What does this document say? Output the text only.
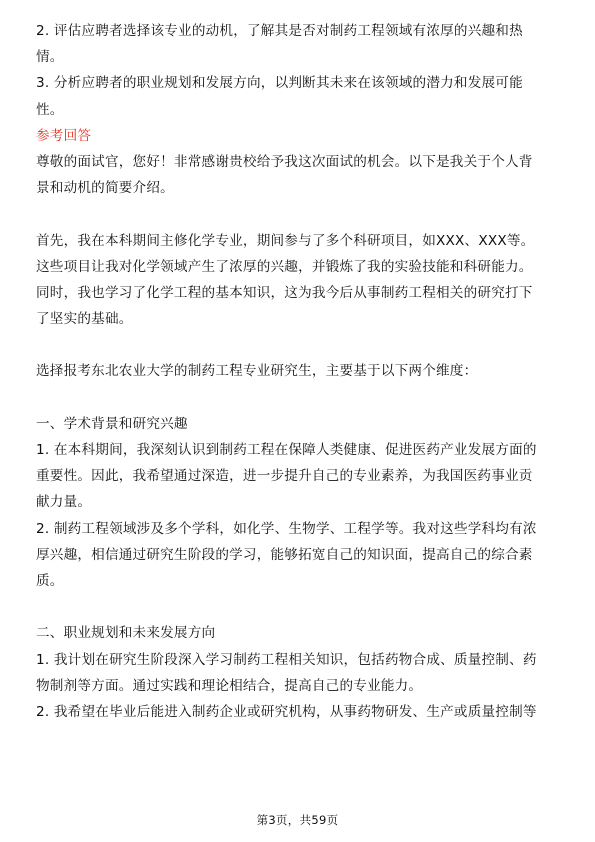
2. 评估应聘者选择该专业的动机，了解其是否对制药工程领域有浓厚的兴趣和热
情。
3. 分析应聘者的职业规划和发展方向，以判断其未来在该领域的潜力和发展可能
性。
参考回答
尊敬的面试官，您好！非常感谢贵校给予我这次面试的机会。以下是我关于个人背
景和动机的简要介绍。
首先，我在本科期间主修化学专业，期间参与了多个科研项目，如XXX、XXX等。
这些项目让我对化学领域产生了浓厚的兴趣，并锻炼了我的实验技能和科研能力。
同时，我也学习了化学工程的基本知识，这为我今后从事制药工程相关的研究打下
了坚实的基础。
选择报考东北农业大学的制药工程专业研究生，主要基于以下两个维度：
一、学术背景和研究兴趣
1. 在本科期间，我深刻认识到制药工程在保障人类健康、促进医药产业发展方面的
重要性。因此，我希望通过深造，进一步提升自己的专业素养，为我国医药事业贡
献力量。
2. 制药工程领域涉及多个学科，如化学、生物学、工程学等。我对这些学科均有浓
厚兴趣，相信通过研究生阶段的学习，能够拓宽自己的知识面，提高自己的综合素
质。
二、职业规划和未来发展方向
1. 我计划在研究生阶段深入学习制药工程相关知识，包括药物合成、质量控制、药
物制剂等方面。通过实践和理论相结合，提高自己的专业能力。
2. 我希望在毕业后能进入制药企业或研究机构，从事药物研发、生产或质量控制等
第3页，共59页
